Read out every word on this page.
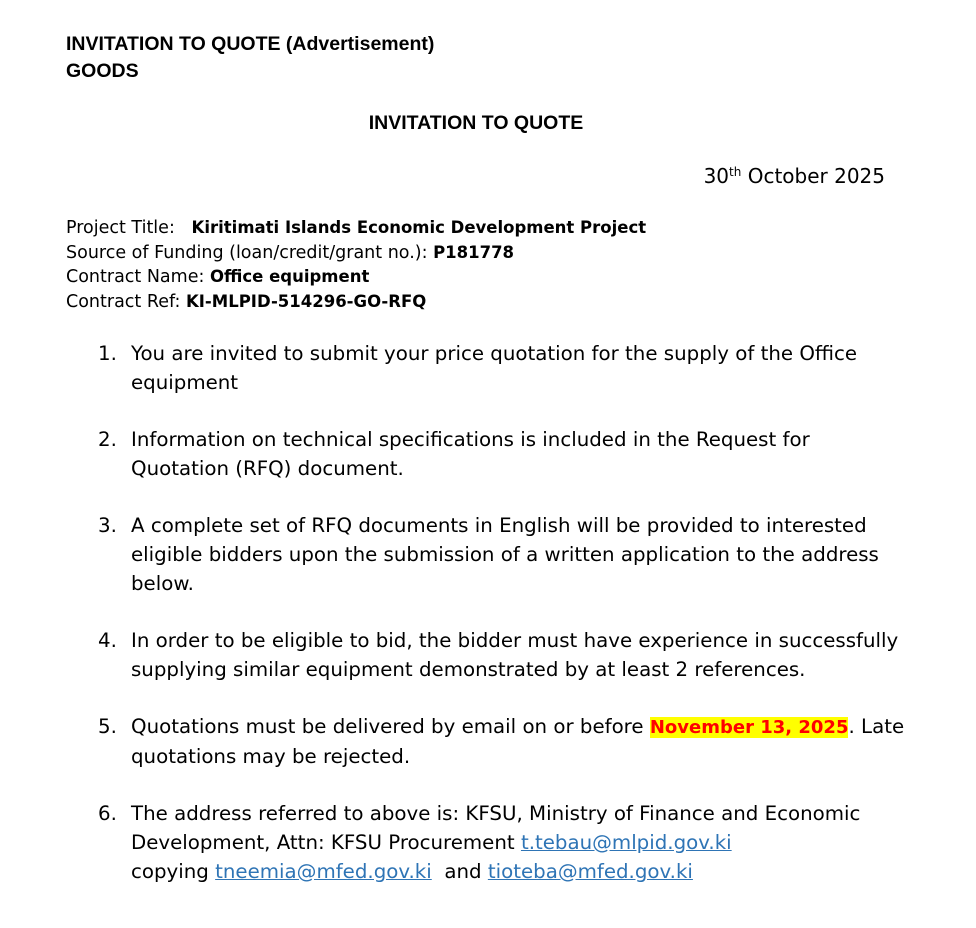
INVITATION TO QUOTE (Advertisement)
GOODS
INVITATION TO QUOTE
30th October 2025
Project Title: Kiritimati Islands Economic Development Project
Source of Funding (loan/credit/grant no.): P181778
Contract Name: Office equipment
Contract Ref: KI-MLPID-514296-GO-RFQ
1. You are invited to submit your price quotation for the supply of the Office equipment
2. Information on technical specifications is included in the Request for Quotation (RFQ) document.
3. A complete set of RFQ documents in English will be provided to interested eligible bidders upon the submission of a written application to the address below.
4. In order to be eligible to bid, the bidder must have experience in successfully supplying similar equipment demonstrated by at least 2 references.
5. Quotations must be delivered by email on or before November 13, 2025. Late quotations may be rejected.
6. The address referred to above is: KFSU, Ministry of Finance and Economic Development, Attn: KFSU Procurement t.tebau@mlpid.gov.ki
copying tneemia@mfed.gov.ki and tioteba@mfed.gov.ki
